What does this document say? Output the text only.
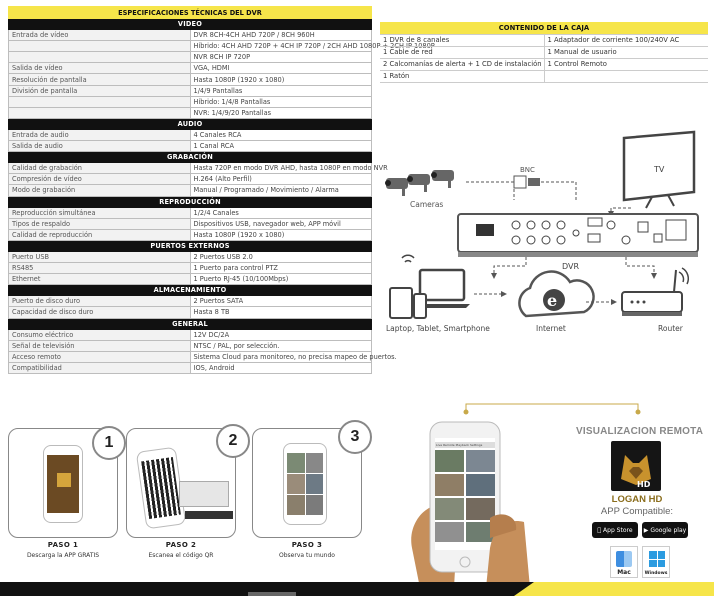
ESPECIFICACIONES TÉCNICAS DEL DVR	
VIDEO	
Entrada de vídeo	DVR 8CH-4CH AHD 720P / 8CH 960H
	Híbrido: 4CH AHD 720P + 4CH IP 720P / 2CH AHD 1080P + 2CH IP 1080P
	NVR 8CH IP 720P
Salida de vídeo	VGA, HDMI
Resolución de pantalla	Hasta 1080P (1920 x 1080)
División de pantalla	1/4/9 Pantallas
	Híbrido: 1/4/8 Pantallas
	NVR: 1/4/9/20 Pantallas
AUDIO	
Entrada de audio	4 Canales RCA
Salida de audio	1 Canal RCA
GRABACIÓN	
Calidad de grabación	Hasta 720P en modo DVR AHD, hasta 1080P en modo NVR
Compresión de vídeo	H.264 (Alto Perfil)
Modo de grabación	Manual / Programado / Movimiento / Alarma
REPRODUCCIÓN	
Reproducción simultánea	1/2/4 Canales
Tipos de respaldo	Dispositivos USB, navegador web, APP móvil
Calidad de reproducción	Hasta 1080P (1920 x 1080)
PUERTOS EXTERNOS	
Puerto USB	2 Puertos USB 2.0
RS485	1 Puerto para control PTZ
Ethernet	1 Puerto RJ-45 (10/100Mbps)
ALMACENAMIENTO	
Puerto de disco duro	2 Puertos SATA
Capacidad de disco duro	Hasta 8 TB
GENERAL	
Consumo eléctrico	12V DC/2A
Señal de televisión	NTSC / PAL, por selección.
Acceso remoto	Sistema Cloud para monitoreo, no precisa mapeo de puertos.
Compatibilidad	IOS, Android
CONTENIDO DE LA CAJA	
1 DVR de 8 canales	1 Adaptador de corriente 100/240V AC
1 Cable de red	1 Manual de usuario
2 Calcomanías de alerta + 1 CD de instalación	1 Control Remoto
1 Ratón	
Cameras
BNC	TV
DVR
Laptop, Tablet, Smartphone
e
Internet	Router
1
PASO 1
Descarga la APP GRATIS
2
PASO 2
Escanea el código QR
3
PASO 3
Observa tu mundo
Live Remote Playback Settings
VISUALIZACION REMOTA
HD
LOGAN HD
APP Compatible:
App Store ▶ Google play
Mac	Windows
